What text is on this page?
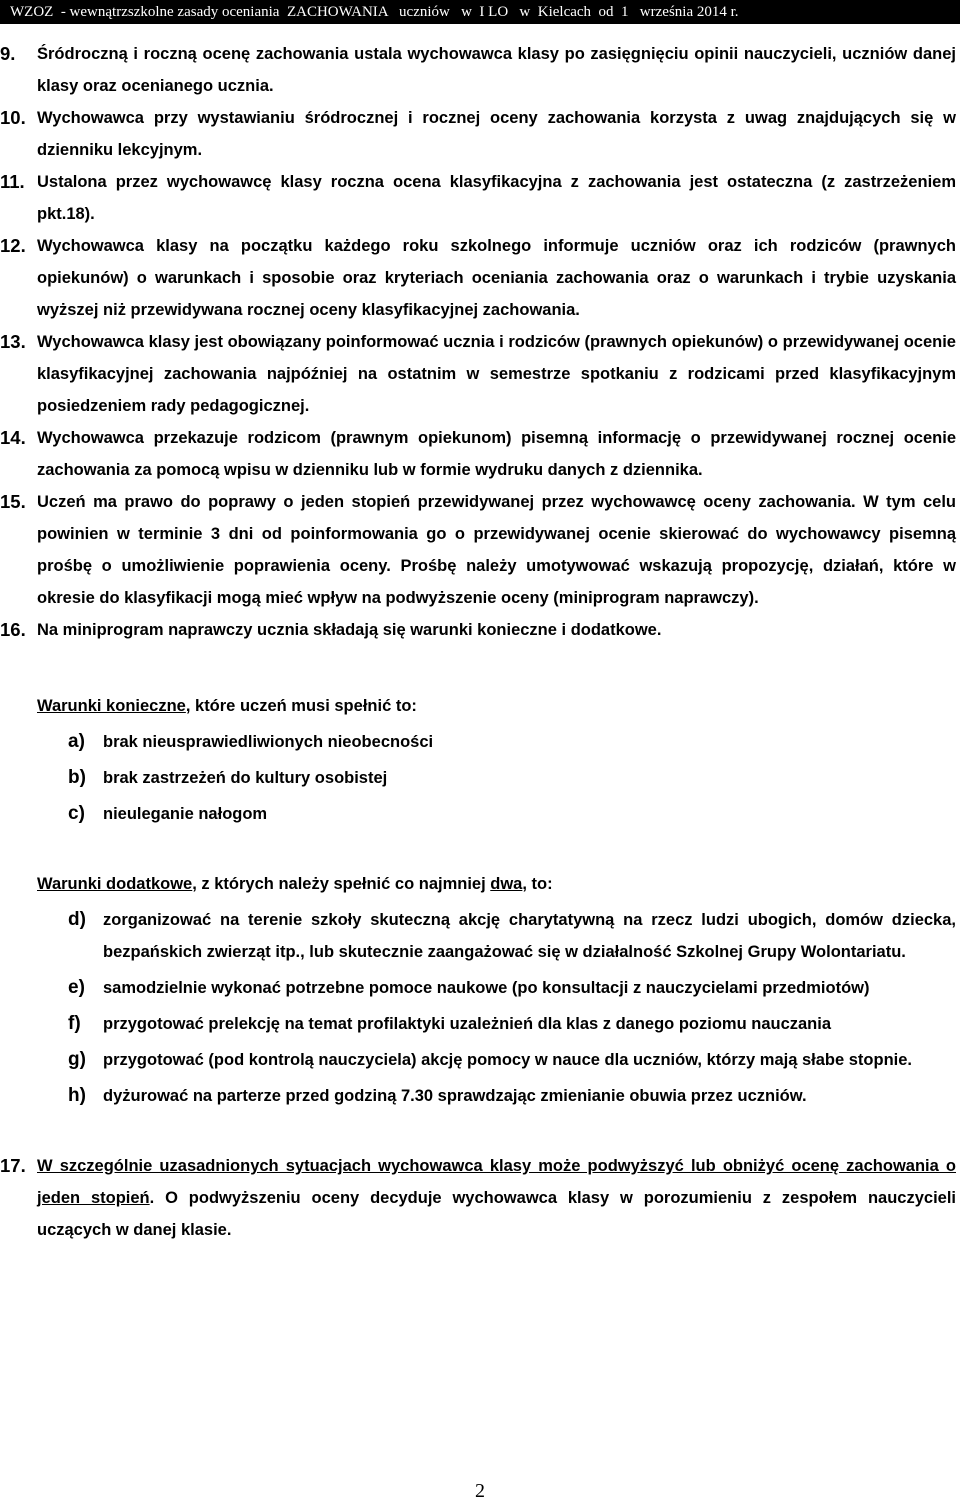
WZOZ  - wewnątrzszkolne zasady oceniania  ZACHOWANIA   uczniów   w  I LO   w  Kielcach  od  1   września 2014 r.
9. Śródroczną i roczną ocenę zachowania ustala wychowawca klasy po zasięgnięciu opinii nauczycieli, uczniów danej klasy oraz ocenianego ucznia.

10. Wychowawca przy wystawianiu śródrocznej i rocznej oceny zachowania korzysta z uwag znajdujących się w dzienniku lekcyjnym.

11. Ustalona przez wychowawcę klasy roczna ocena klasyfikacyjna z zachowania jest ostateczna (z zastrzeżeniem pkt.18).

12. Wychowawca klasy na początku każdego roku szkolnego informuje uczniów oraz ich rodziców (prawnych opiekunów) o warunkach i sposobie oraz kryteriach oceniania zachowania oraz o warunkach i trybie uzyskania wyższej niż przewidywana rocznej oceny klasyfikacyjnej zachowania.

13. Wychowawca klasy jest obowiązany poinformować ucznia i rodziców (prawnych opiekunów) o przewidywanej ocenie klasyfikacyjnej zachowania najpóźniej na ostatnim w semestrze spotkaniu z rodzicami przed klasyfikacyjnym posiedzeniem rady pedagogicznej.

14. Wychowawca przekazuje rodzicom (prawnym opiekunom) pisemną informację o przewidywanej rocznej ocenie zachowania za pomocą wpisu w dzienniku lub w formie wydruku danych z dziennika.

15. Uczeń ma prawo do poprawy o jeden stopień przewidywanej przez wychowawcę oceny zachowania. W tym celu powinien w terminie 3 dni od poinformowania go o przewidywanej ocenie skierować do wychowawcy pisemną prośbę o umożliwienie poprawienia oceny. Prośbę należy umotywować wskazują propozycję, działań, które w okresie do klasyfikacji mogą mieć wpływ na podwyższenie oceny (miniprogram naprawczy).

16. Na miniprogram naprawczy ucznia składają się warunki konieczne i dodatkowe.

Warunki konieczne, które uczeń musi spełnić to:
a) brak nieusprawiedliwionych nieobecności
b) brak zastrzeżeń do kultury osobistej
c) nieuleganie nałogom
Warunki dodatkowe, z których należy spełnić co najmniej dwa, to:
d) zorganizować na terenie szkoły skuteczną akcję charytatywną na rzecz ludzi ubogich, domów dziecka, bezpańskich zwierząt itp., lub skutecznie zaangażować się w działalność Szkolnej Grupy Wolontariatu.
e) samodzielnie wykonać potrzebne pomoce naukowe (po konsultacji z nauczycielami przedmiotów)
f) przygotować prelekcję na temat profilaktyki uzależnień dla klas z danego poziomu nauczania
g) przygotować (pod kontrolą nauczyciela) akcję pomocy w nauce dla uczniów, którzy mają słabe stopnie.
h) dyżurować na parterze przed godziną 7.30 sprawdzając zmienianie obuwia przez uczniów.
17. W szczególnie uzasadnionych sytuacjach wychowawca klasy może podwyższyć lub obniżyć ocenę zachowania o jeden stopień. O podwyższeniu oceny decyduje wychowawca klasy w porozumieniu z zespołem nauczycieli uczących w danej klasie.

2
